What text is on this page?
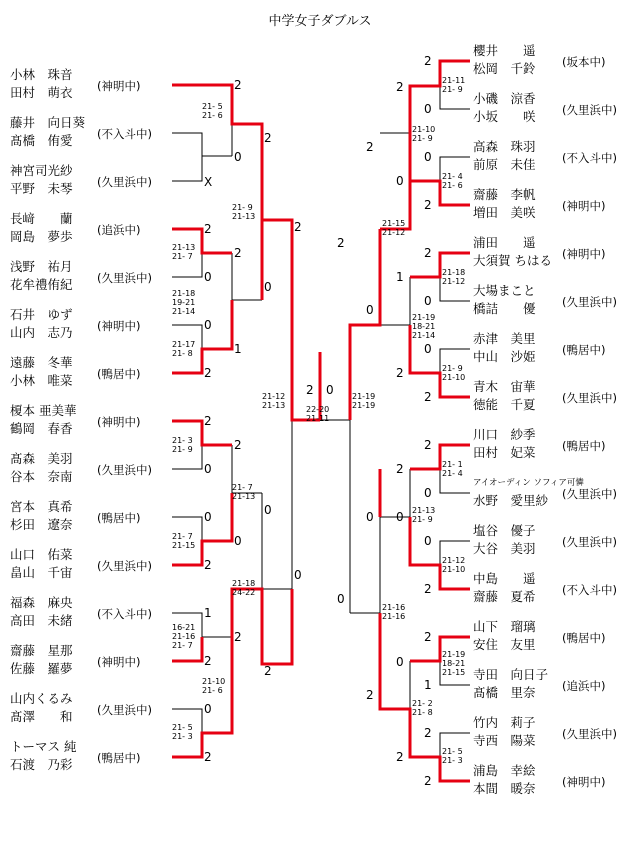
中学女子ダブルス
小林　珠音
田村　萌衣 (神明中)
藤井　向日葵
髙橋　侑愛 (不入斗中)
神宮司光紗
平野　未琴 (久里浜中)
長﨑　　蘭
岡島　夢歩 (追浜中)
浅野　祐月
花牟禮侑紀 (久里浜中)
石井　ゆず
山内　志乃 (神明中)
遠藤　冬華
小林　唯菜 (鴨居中)
榎本 亜美華
鶴岡　春香 (神明中)
髙森　美羽
谷本　奈南 (久里浜中)
宮本　真希
杉田　遼奈 (鴨居中)
山口　佑菜
畠山　千宙 (久里浜中)
福森　麻央
高田　未緒 (不入斗中)
齋藤　星那
佐藤　羅夢 (神明中)
山内くるみ
髙澤　　和 (久里浜中)
トーマス 純
石渡　乃彩 (鴨居中)
櫻井　　遥
松岡　千鈴 (坂本中)
小磯　涼香
小坂　　咲 (久里浜中)
高森　珠羽
前原　未佳 (不入斗中)
齋藤　李帆
増田　美咲 (神明中)
浦田　　遥
大須賀 ちはる (神明中)
大場まこと
橋詰　　優 (久里浜中)
赤津　美里
中山　沙姫 (鴨居中)
青木　宙華
徳能　千夏 (久里浜中)
川口　紗季
田村　妃菜 (鴨居中)
アイオーディン ソフィア可憐
水野　愛里紗 (久里浜中)
塩谷　優子
大谷　美羽 (久里浜中)
中島　　遥
齋藤　夏希 (不入斗中)
山下　瑠璃
安住　友里 (鴨居中)
寺田　向日子
髙橋　里奈 (追浜中)
竹内　莉子
寺西　陽菜 (久里浜中)
浦島　幸絵
本間　暖奈 (神明中)
2
0
X
2
0
0
2
2
0
0
2
1
2
0
2
2
2
0
1
2
0
0
2
2
0
2
2 0
2
0
0
2
2
0
0
2
2
0
0
2
2
1
2
2
2
0
1
2
2
0
0
2
2
0
0
2
2
0
21- 5
21- 6
21- 9
21-13
21-13
21- 7
21-18
19-21
21-14
21-17
21- 8
21-12
21-13
21- 3
21- 9
21- 7
21-13
21- 7
21-15
21-18
24-22
16-21
21-16
21- 7
21-10
21- 6
21- 5
21- 3
22-20
21-11
21-11
21- 9
21-10
21- 9
21- 4
21- 6
21-15
21-12
21-18
21-12
21-19
18-21
21-14
21- 9
21-10
21-19
21-19
21- 1
21- 4
21-13
21- 9
21-12
21-10
21-16
21-16
21-19
18-21
21-15
21- 2
21- 8
21- 5
21- 3
